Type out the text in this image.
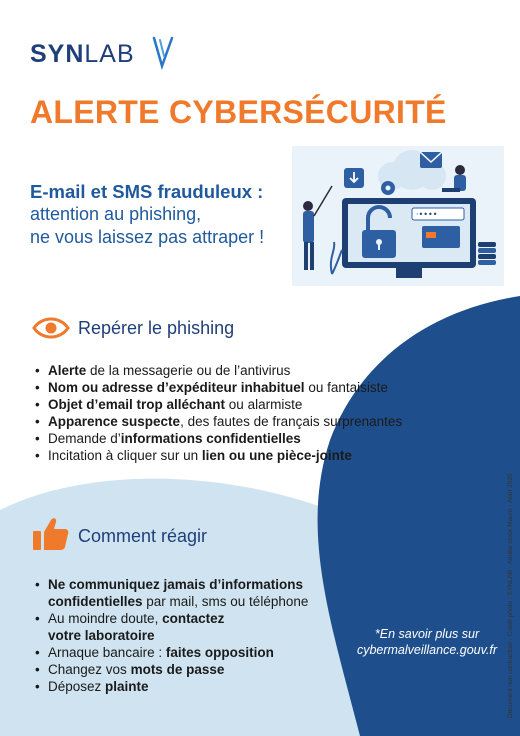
SYNLAB
ALERTE CYBERSÉCURITÉ
E-mail et SMS frauduleux :
attention au phishing,
ne vous laissez pas attraper !
·••••
Repérer le phishing
• Alerte de la messagerie ou de l’antivirus
• Nom ou adresse d’expéditeur inhabituel ou fantaisiste
• Objet d’email trop alléchant ou alarmiste
• Apparence suspecte, des fautes de français surprenantes
• Demande d’informations confidentielles
• Incitation à cliquer sur un lien ou une pièce-jointe
Comment réagir
• Ne communiquez jamais d’informations
confidentielles par mail, sms ou téléphone
• Au moindre doute, contactez
votre laboratoire
• Arnaque bancaire : faites opposition
• Changez vos mots de passe
• Déposez plainte
*En savoir plus sur
cybermalveillance.gouv.fr	Document non contractuel - Crédit photo : SYNLAB - Adobe stock Mauro - Août 2020
